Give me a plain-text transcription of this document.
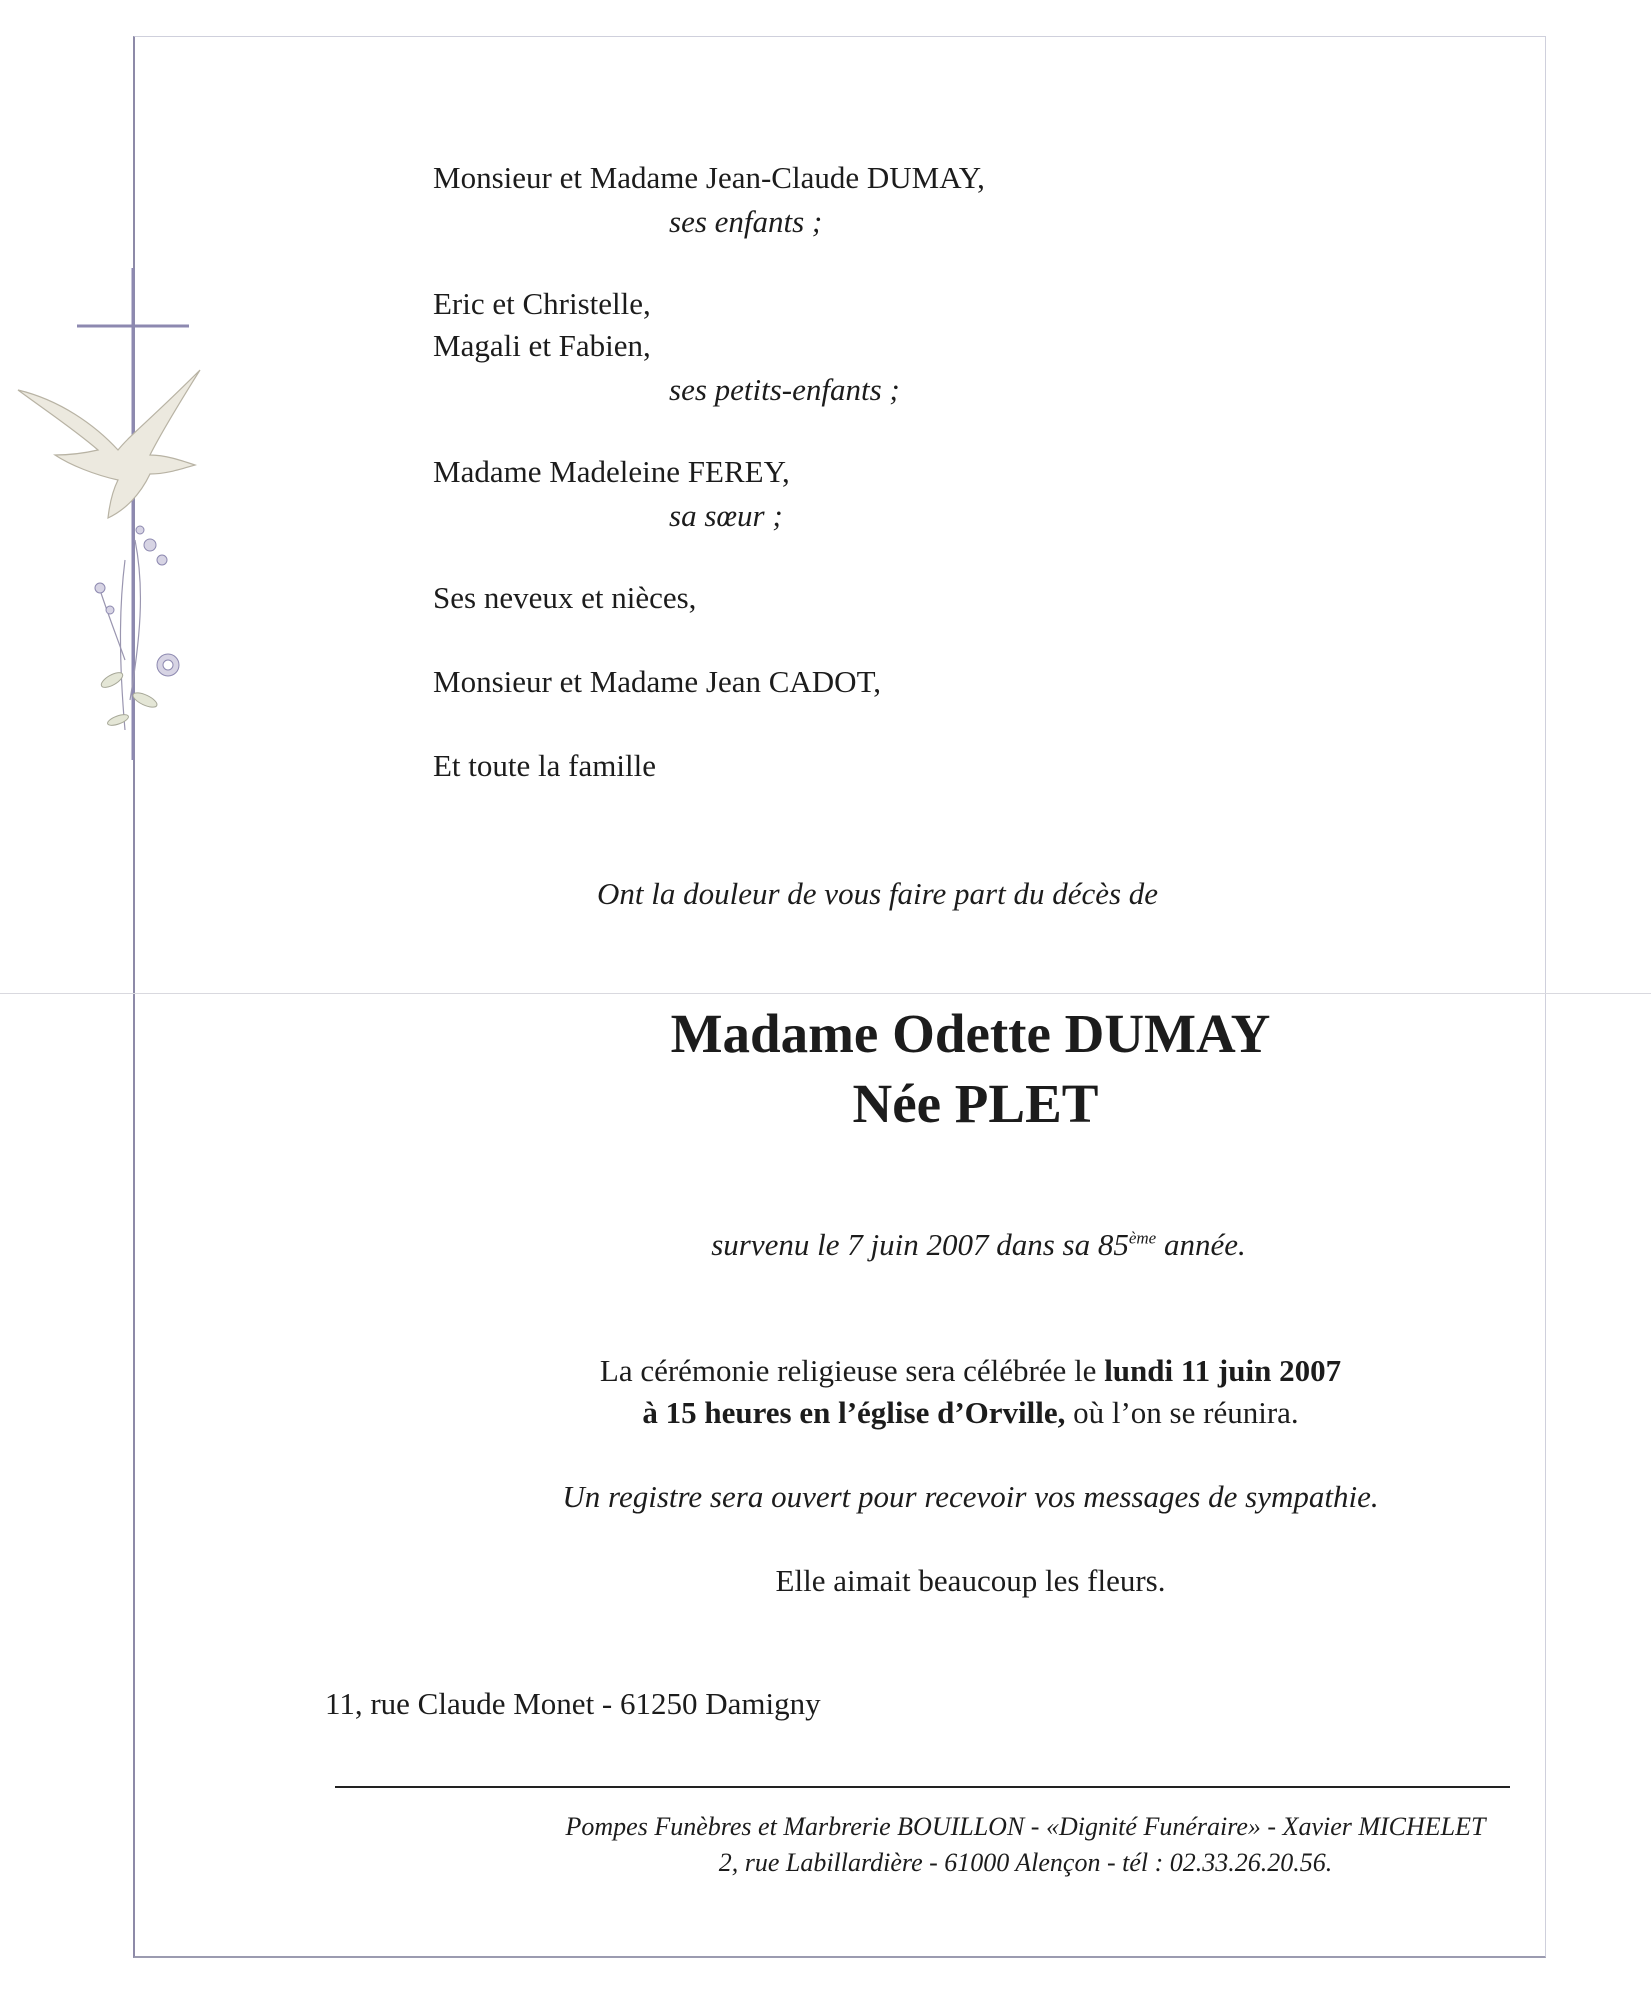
Monsieur et Madame Jean-Claude DUMAY,
ses enfants ;
Eric et Christelle,
Magali et Fabien,
ses petits-enfants ;
Madame Madeleine FEREY,
sa sœur ;
Ses neveux et nièces,
Monsieur et Madame Jean CADOT,
Et toute la famille
Ont la douleur de vous faire part du décès de
Madame Odette DUMAY
Née PLET
survenu le 7 juin 2007 dans sa 85ème année.
La cérémonie religieuse sera célébrée le lundi 11 juin 2007
à 15 heures en l’église d’Orville, où l’on se réunira.
Un registre sera ouvert pour recevoir vos messages de sympathie.
Elle aimait beaucoup les fleurs.
11, rue Claude Monet - 61250 Damigny
Pompes Funèbres et Marbrerie BOUILLON - «Dignité Funéraire» - Xavier MICHELET
2, rue Labillardière - 61000 Alençon - tél : 02.33.26.20.56.
